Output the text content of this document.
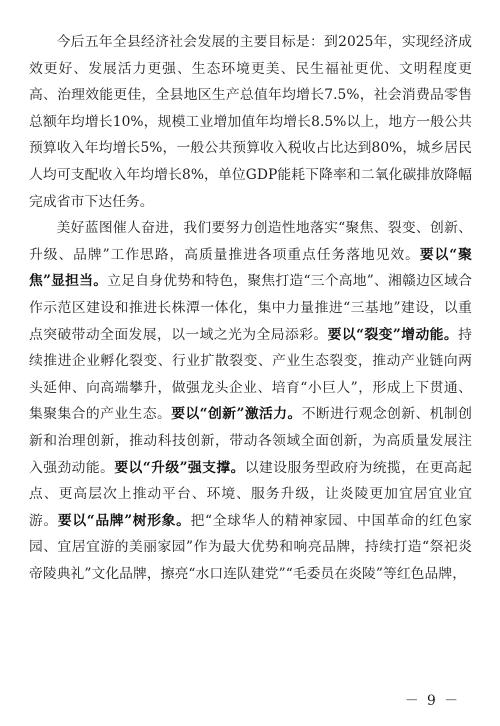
今后五年全县经济社会发展的主要目标是：到2025年，实现经济成效更好、发展活力更强、生态环境更美、民生福祉更优、文明程度更高、治理效能更佳，全县地区生产总值年均增长7.5%，社会消费品零售总额年均增长10%，规模工业增加值年均增长8.5%以上，地方一般公共预算收入年均增长5%，一般公共预算收入税收占比达到80%，城乡居民人均可支配收入年均增长8%，单位GDP能耗下降率和二氧化碳排放降幅完成省市下达任务。

美好蓝图催人奋进，我们要努力创造性地落实“聚焦、裂变、创新、升级、品牌”工作思路，高质量推进各项重点任务落地见效。要以“聚焦”显担当。立足自身优势和特色，聚焦打造“三个高地”、湘赣边区域合作示范区建设和推进长株潭一体化，集中力量推进“三基地”建设，以重点突破带动全面发展，以一域之光为全局添彩。要以“裂变”增动能。持续推进企业孵化裂变、行业扩散裂变、产业生态裂变，推动产业链向两头延伸、向高端攀升，做强龙头企业、培育“小巨人”，形成上下贯通、集聚集合的产业生态。要以“创新”激活力。不断进行观念创新、机制创新和治理创新，推动科技创新，带动各领域全面创新，为高质量发展注入强劲动能。要以“升级”强支撑。以建设服务型政府为统揽，在更高起点、更高层次上推动平台、环境、服务升级，让炎陵更加宜居宜业宜游。要以“品牌”树形象。把“全球华人的精神家园、中国革命的红色家园、宜居宜游的美丽家园”作为最大优势和响亮品牌，持续打造“祭祀炎帝陵典礼”文化品牌，擦亮“水口连队建党”“毛委员在炎陵”等红色品牌，

－ 9 －
